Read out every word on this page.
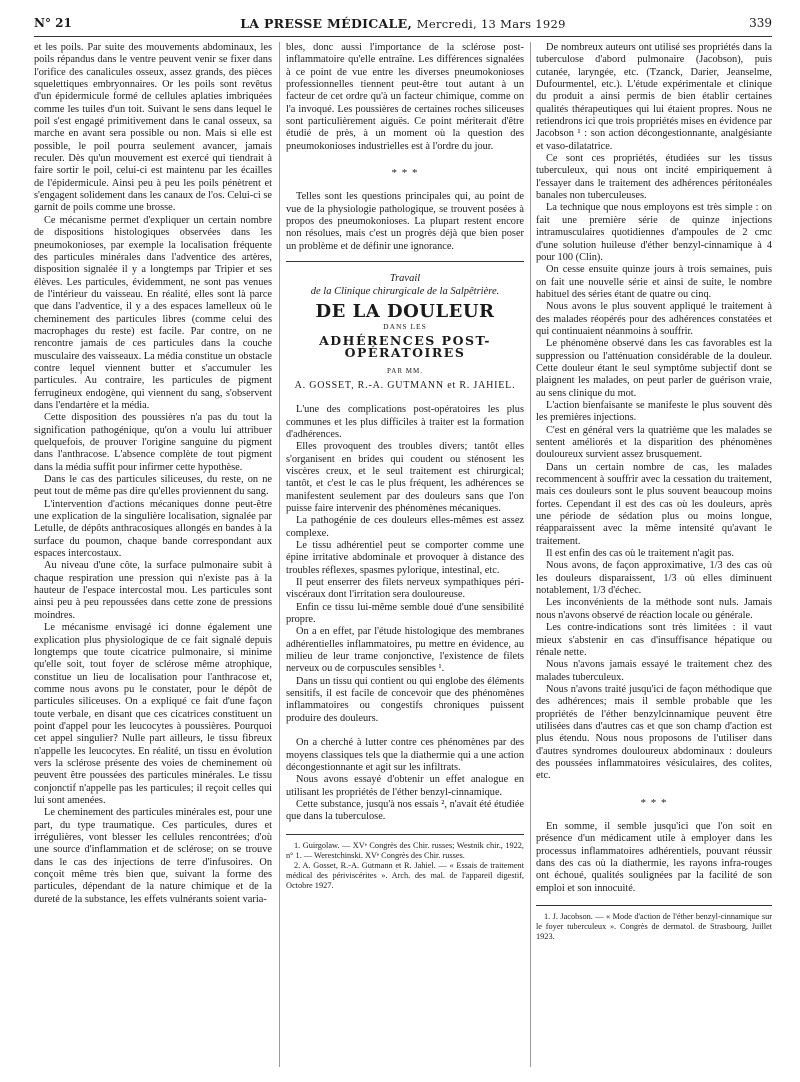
N° 21	LA PRESSE MÉDICALE, Mercredi, 13 Mars 1929	339

et les poils. Par suite des mouvements abdominaux, les poils répandus dans le ventre peuvent venir se fixer dans l'orifice des canalicules osseux, assez grands, des pièces squelettiques embryonnaires. Or les poils sont revêtus d'un épidermicule formé de cellules aplaties imbriquées comme les tuiles d'un toit. Suivant le sens dans lequel le poil s'est engagé primitivement dans le canal osseux, sa marche en avant sera possible ou non. Mais si elle est possible, le poil pourra seulement avancer, jamais reculer. Dès qu'un mouvement est exercé qui tiendrait à faire sortir le poil, celui-ci est maintenu par les écailles de l'épidermicule. Ainsi peu à peu les poils pénètrent et s'engagent solidement dans les canaux de l'os. Celui-ci se garnit de poils comme une brosse.

Ce mécanisme permet d'expliquer un certain nombre de dispositions histologiques observées dans les pneumokonioses, par exemple la localisation fréquente des particules minérales dans l'adventice des artères, disposition signalée il y a longtemps par Tripier et ses élèves. Les particules, évidemment, ne sont pas venues de l'intérieur du vaisseau. En réalité, elles sont là parce que dans l'adventice, il y a des espaces lamelleux où le cheminement des particules libres (comme celui des macrophages du reste) est facile. Par contre, on ne rencontre jamais de ces particules dans la couche musculaire des vaisseaux. La média constitue un obstacle contre lequel viennent butter et s'accumuler les particules. Au contraire, les particules de pigment ferrugineux endogène, qui viennent du sang, s'observent dans l'endartère et la média.

Cette disposition des poussières n'a pas du tout la signification pathogénique, qu'on a voulu lui attribuer quelquefois, de prouver l'origine sanguine du pigment dans l'anthracose. L'absence complète de tout pigment dans la média suffit pour infirmer cette hypothèse.

Dans le cas des particules siliceuses, du reste, on ne peut tout de même pas dire qu'elles proviennent du sang.

L'intervention d'actions mécaniques donne peut-être une explication de la singulière localisation, signalée par Letulle, de dépôts anthracosiques allongés en bandes à la surface du poumon, chaque bande correspondant aux espaces intercostaux.

Au niveau d'une côte, la surface pulmonaire subit à chaque respiration une pression qui n'existe pas à la hauteur de l'espace intercostal mou. Les particules sont ainsi peu à peu repoussées dans cette zone de pressions moindres.

Le mécanisme envisagé ici donne également une explication plus physiologique de ce fait signalé depuis longtemps que toute cicatrice pulmonaire, si minime qu'elle soit, tout foyer de sclérose même atrophique, constitue un lieu de localisation pour l'anthracose et, comme nous avons pu le constater, pour le dépôt de particules siliceuses. On a expliqué ce fait d'une façon toute verbale, en disant que ces cicatrices constituent un point d'appel pour les leucocytes à poussières. Pourquoi cet appel singulier? Nulle part ailleurs, le tissu fibreux n'appelle les leucocytes. En réalité, un tissu en évolution vers la sclérose présente des voies de cheminement où peuvent être poussées des particules minérales. Le tissu conjonctif n'appelle pas les particules; il reçoit celles qui lui sont amenées.

Le cheminement des particules minérales est, pour une part, du type traumatique. Ces particules, dures et irrégulières, vont blesser les cellules rencontrées; d'où une source d'inflammation et de sclérose; on se trouve dans le cas des injections de terre d'infusoires. On conçoit même très bien que, suivant la forme des particules, dépendant de la nature chimique et de la dureté de la substance, les effets vulnérants soient varia-

bles, donc aussi l'importance de la sclérose post-inflammatoire qu'elle entraîne. Les différences signalées à ce point de vue entre les diverses pneumokonioses professionnelles tiennent peut-être tout autant à un facteur de cet ordre qu'à un facteur chimique, comme on l'a invoqué. Les poussières de certaines roches siliceuses sont particulièrement aiguës. Ce point mériterait d'être étudié de près, à un moment où la question des pneumokonioses industrielles est à l'ordre du jour.

* * *

Telles sont les questions principales qui, au point de vue de la physiologie pathologique, se trouvent posées à propos des pneumokonioses. La plupart restent encore non résolues, mais c'est un progrès déjà que bien poser un problème et de définir une ignorance.

Travail
de la Clinique chirurgicale de la Salpêtrière.
DE LA DOULEUR
DANS LES
ADHÉRENCES POST-OPÉRATOIRES
PAR MM.
A. GOSSET, R.-A. GUTMANN et R. JAHIEL.

L'une des complications post-opératoires les plus communes et les plus difficiles à traiter est la formation d'adhérences.

Elles provoquent des troubles divers; tantôt elles s'organisent en brides qui coudent ou sténosent les viscères creux, et le seul traitement est chirurgical; tantôt, et c'est le cas le plus fréquent, les adhérences se manifestent seulement par des douleurs sans que l'on puisse faire intervenir des phénomènes mécaniques.

La pathogénie de ces douleurs elles-mêmes est assez complexe.

Le tissu adhérentiel peut se comporter comme une épine irritative abdominale et provoquer à distance des troubles réflexes, spasmes pylorique, intestinal, etc.

Il peut enserrer des filets nerveux sympathiques péri-viscéraux dont l'irritation sera douloureuse.

Enfin ce tissu lui-même semble doué d'une sensibilité propre.

On a en effet, par l'étude histologique des membranes adhérentielles inflammatoires, pu mettre en évidence, au milieu de leur trame conjonctive, l'existence de filets nerveux ou de corpuscules sensibles ¹.

Dans un tissu qui contient ou qui englobe des éléments sensitifs, il est facile de concevoir que des phénomènes inflammatoires ou congestifs chroniques puissent produire des douleurs.

On a cherché à lutter contre ces phénomènes par des moyens classiques tels que la diathermie qui a une action décongestionnante et agit sur les infiltrats.

Nous avons essayé d'obtenir un effet analogue en utilisant les propriétés de l'éther benzyl-cinnamique.

Cette substance, jusqu'à nos essais ², n'avait été étudiée que dans la tuberculose.

1. Guirgolaw. — XVᵉ Congrès des Chir. russes; Westnik chir., 1922, n° 1. — Werestchinski. XVᵉ Congrès des Chir. russes.

2. A. Gosset, R.-A. Gutmann et R. Jahiel. — « Essais de traitement médical des périviscérites ». Arch. des mal. de l'appareil digestif, Octobre 1927.

De nombreux auteurs ont utilisé ses propriétés dans la tuberculose d'abord pulmonaire (Jacobson), puis cutanée, laryngée, etc. (Tzanck, Darier, Jeanselme, Dufourmentel, etc.). L'étude expérimentale et clinique du produit a ainsi permis de bien établir certaines qualités thérapeutiques qui lui étaient propres. Nous ne retiendrons ici que trois propriétés mises en évidence par Jacobson ¹ : son action décongestionnante, analgésiante et vaso-dilatatrice.

Ce sont ces propriétés, étudiées sur les tissus tuberculeux, qui nous ont incité empiriquement à l'essayer dans le traitement des adhérences péritonéales banales non tuberculeuses.

La technique que nous employons est très simple : on fait une première série de quinze injections intramusculaires quotidiennes d'ampoules de 2 cmc d'une solution huileuse d'éther benzyl-cinnamique à 4 pour 100 (Clin).

On cesse ensuite quinze jours à trois semaines, puis on fait une nouvelle série et ainsi de suite, le nombre habituel des séries étant de quatre ou cinq.

Nous avons le plus souvent appliqué le traitement à des malades réopérés pour des adhérences constatées et qui continuaient néanmoins à souffrir.

Le phénomène observé dans les cas favorables est la suppression ou l'atténuation considérable de la douleur. Cette douleur étant le seul symptôme subjectif dont se plaignent les malades, on peut parler de guérison vraie, au sens clinique du mot.

L'action bienfaisante se manifeste le plus souvent dès les premières injections.

C'est en général vers la quatrième que les malades se sentent améliorés et la disparition des phénomènes douloureux survient assez brusquement.

Dans un certain nombre de cas, les malades recommencent à souffrir avec la cessation du traitement, mais ces douleurs sont le plus souvent beaucoup moins fortes. Cependant il est des cas où les douleurs, après une période de sédation plus ou moins longue, réapparaissent avec la même intensité qu'avant le traitement.

Il est enfin des cas où le traitement n'agit pas.

Nous avons, de façon approximative, 1/3 des cas où les douleurs disparaissent, 1/3 où elles diminuent notablement, 1/3 d'échec.

Les inconvénients de la méthode sont nuls. Jamais nous n'avons observé de réaction locale ou générale.

Les contre-indications sont très limitées : il vaut mieux s'abstenir en cas d'insuffisance hépatique ou rénale nette.

Nous n'avons jamais essayé le traitement chez des malades tuberculeux.

Nous n'avons traité jusqu'ici de façon méthodique que des adhérences; mais il semble probable que les propriétés de l'éther benzylcinnamique peuvent être utilisées dans d'autres cas et que son champ d'action est plus étendu. Nous nous proposons de l'utiliser dans d'autres syndromes douloureux abdominaux : douleurs des poussées inflammatoires vésiculaires, des colites, etc.

* * *

En somme, il semble jusqu'ici que l'on soit en présence d'un médicament utile à employer dans les processus inflammatoires adhérentiels, pouvant réussir dans des cas où la diathermie, les rayons infra-rouges ont échoué, qualités soulignées par la facilité de son emploi et son innocuité.

1. J. Jacobson. — « Mode d'action de l'éther benzyl-cinnamique sur le foyer tuberculeux ». Congrès de dermatol. de Strasbourg, Juillet 1923.
